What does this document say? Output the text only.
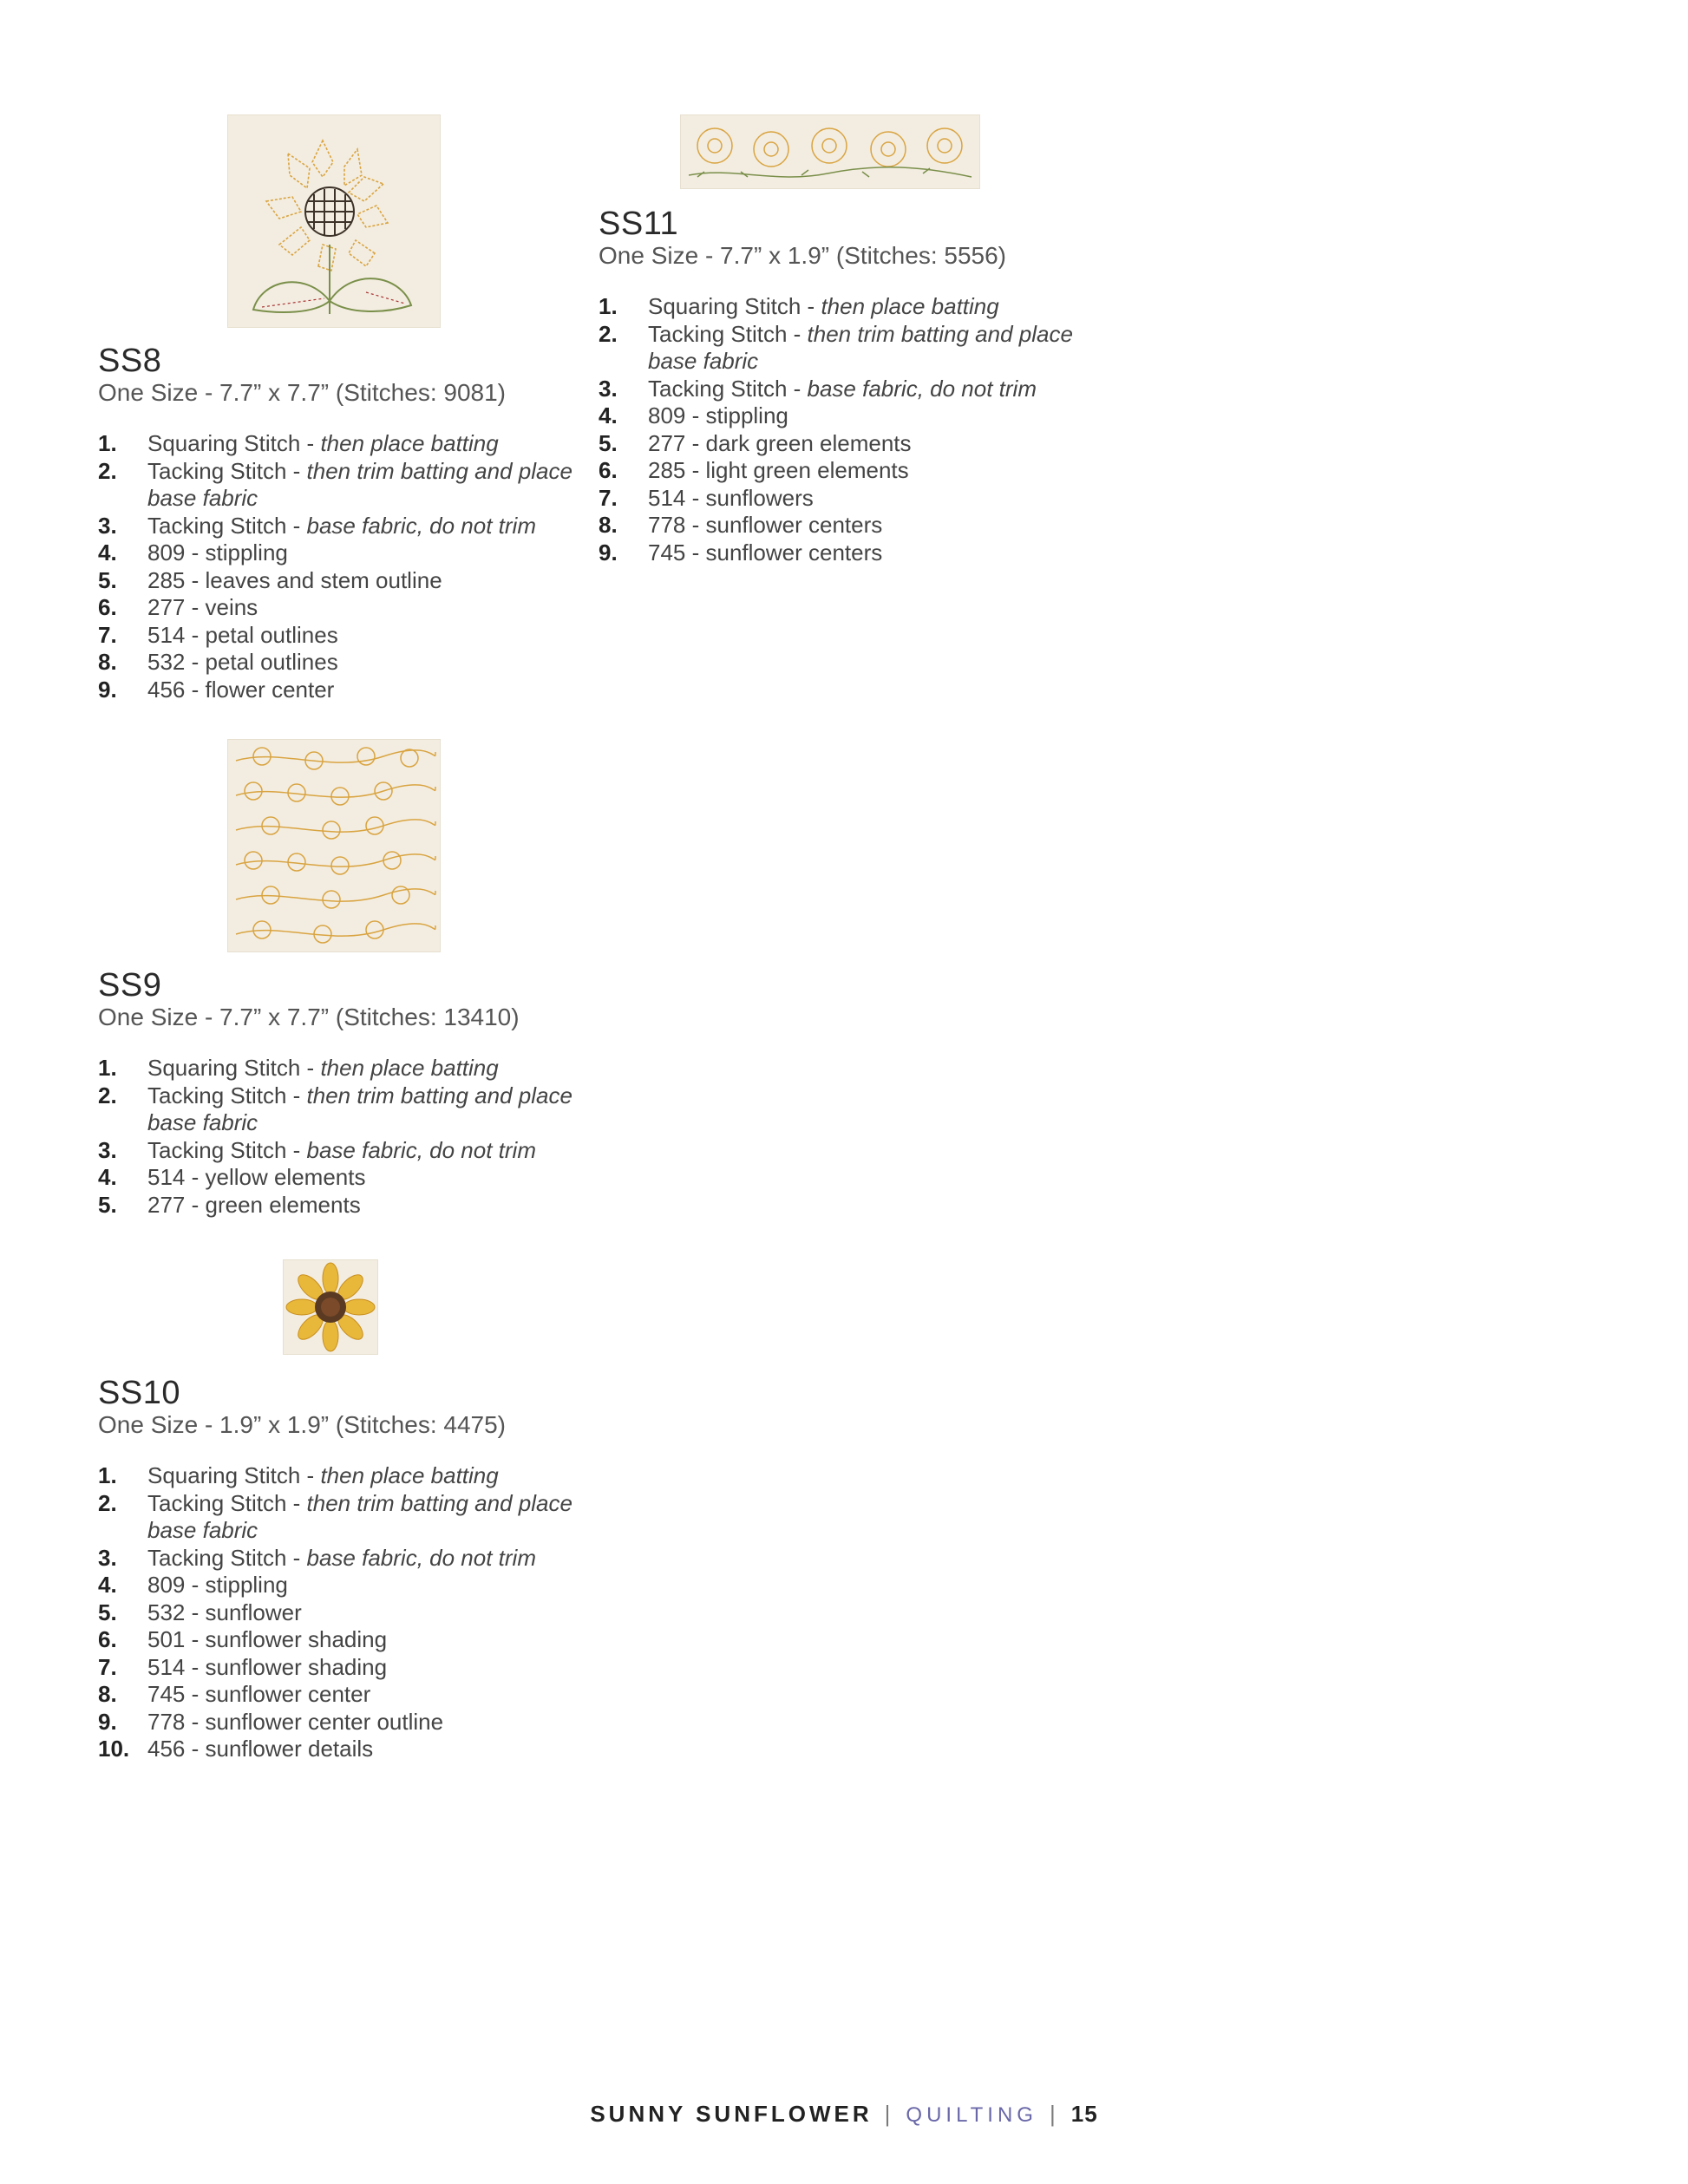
SS8
One Size - 7.7” x 7.7” (Stitches: 9081)
1.	Squaring Stitch - then place batting
2.	Tacking Stitch - then trim batting and place base fabric
3.	Tacking Stitch - base fabric, do not trim
4.	809 - stippling
5.	285 - leaves and stem outline
6.	277 - veins
7.	514 - petal outlines
8.	532 - petal outlines
9.	456 - flower center
SS9
One Size - 7.7” x 7.7” (Stitches: 13410)
1.	Squaring Stitch - then place batting
2.	Tacking Stitch - then trim batting and place base fabric
3.	Tacking Stitch - base fabric, do not trim
4.	514 - yellow elements
5.	277 - green elements
SS10
One Size - 1.9” x 1.9” (Stitches: 4475)
1.	Squaring Stitch - then place batting
2.	Tacking Stitch - then trim batting and place base fabric
3.	Tacking Stitch - base fabric, do not trim
4.	809 - stippling
5.	532 - sunflower
6.	501 - sunflower shading
7.	514 - sunflower shading
8.	745 - sunflower center
9.	778 - sunflower center outline
10. 456 - sunflower details
SS11
One Size - 7.7” x 1.9” (Stitches: 5556)
1.	Squaring Stitch - then place batting
2.	Tacking Stitch - then trim batting and place base fabric
3.	Tacking Stitch - base fabric, do not trim
4.	809 - stippling
5.	277 - dark green elements
6.	285 - light green elements
7.	514 - sunflowers
8.	778 - sunflower centers
9.	745 - sunflower centers
SUNNY SUNFLOWER | QUILTING | 15
